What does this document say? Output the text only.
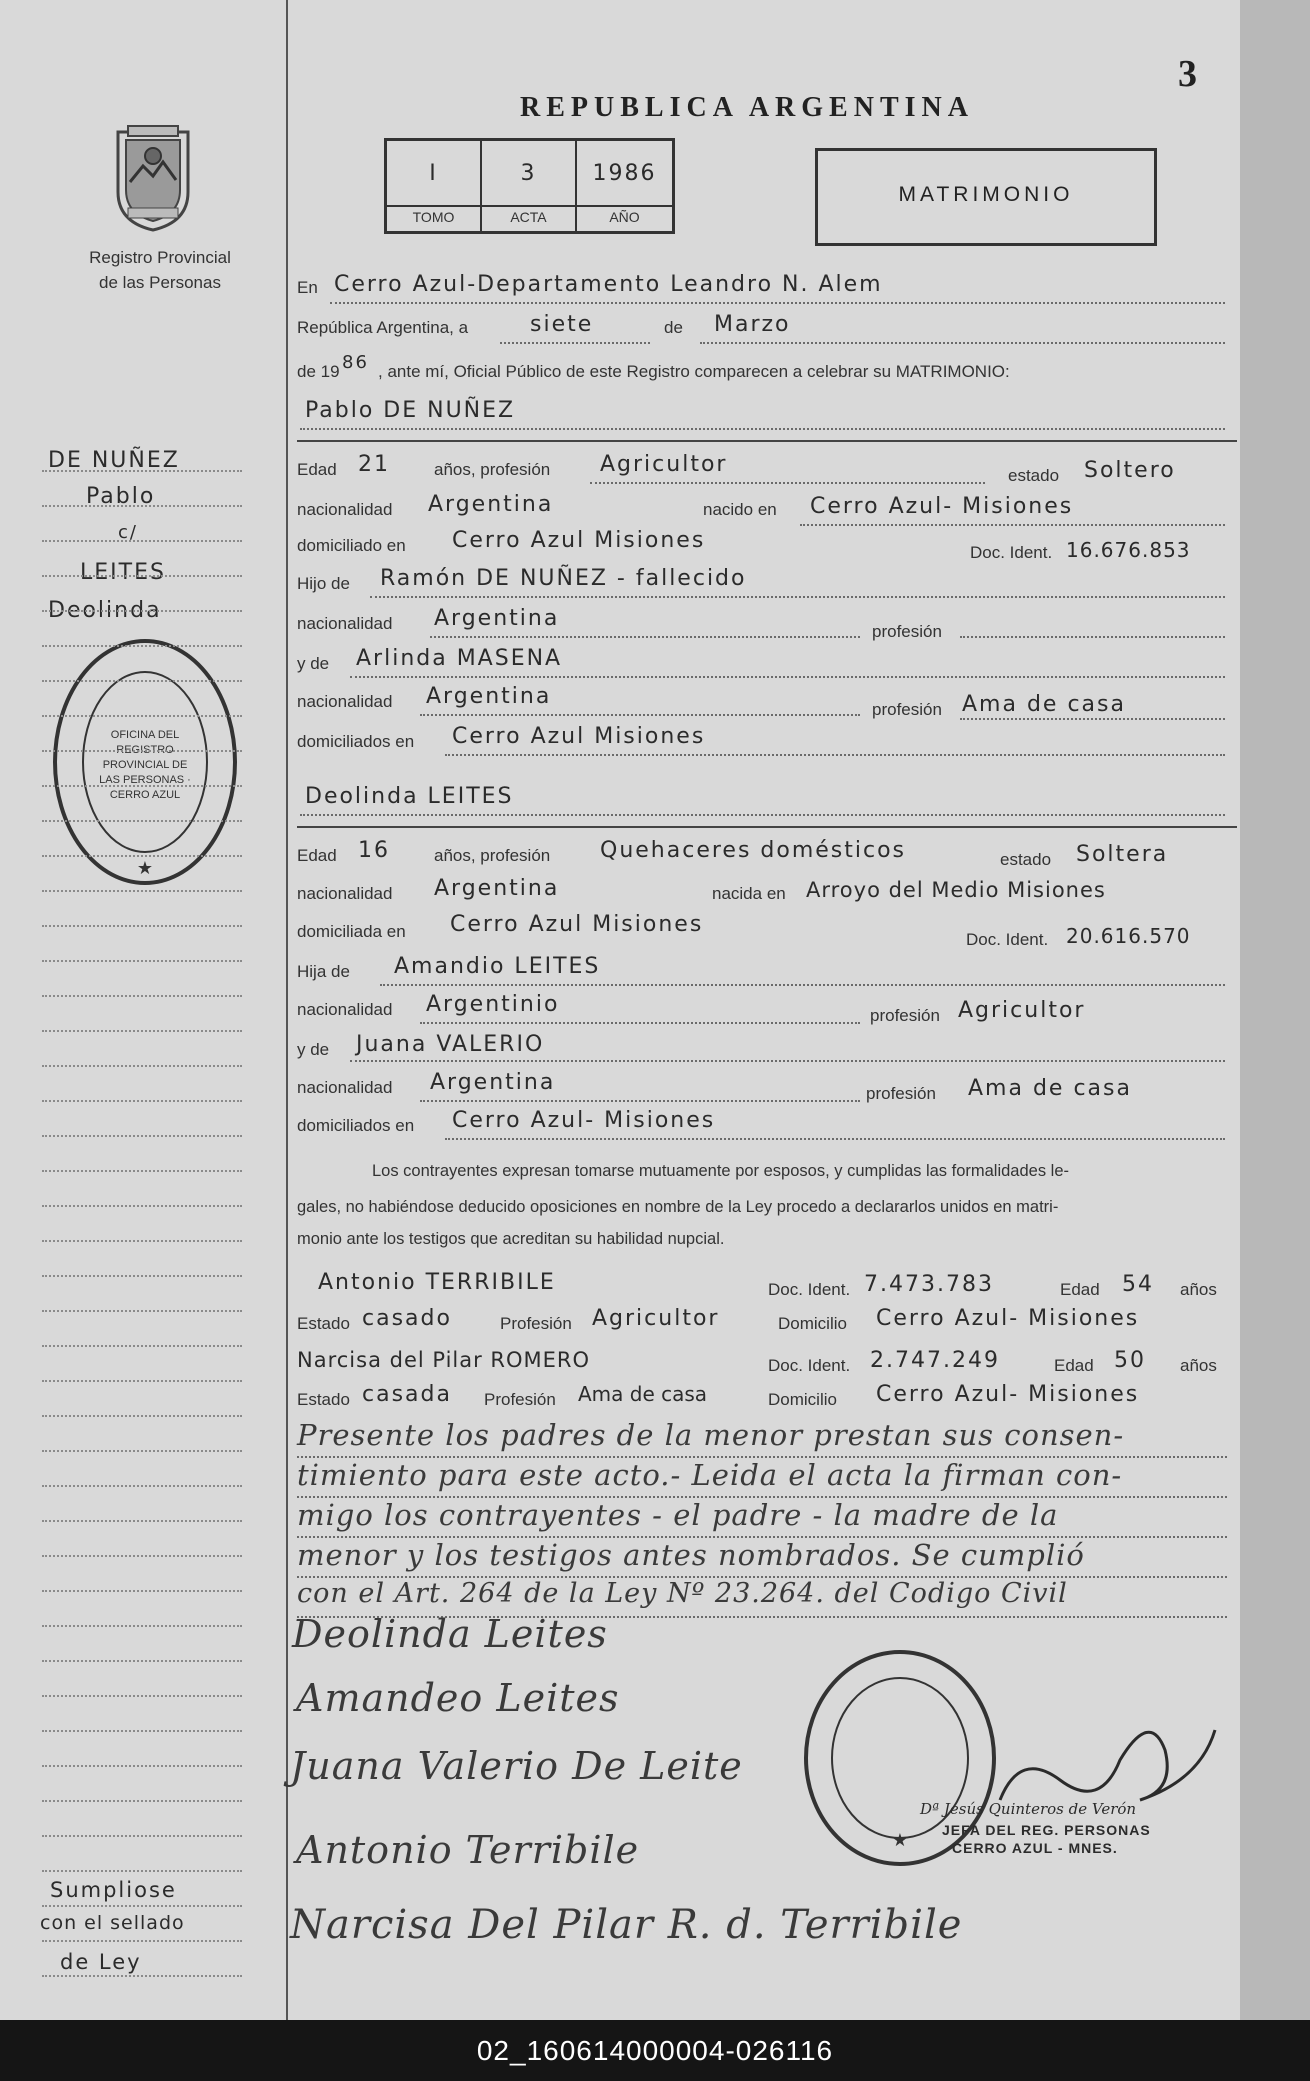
3
REPUBLICA ARGENTINA
Registro Provincial
de las Personas
I
TOMO
3
ACTA
1986
AÑO
MATRIMONIO
En Cerro Azul-Departamento Leandro N. Alem
República Argentina, a	siete	de Marzo
de 19 86 , ante mí, Oficial Público de este Registro comparecen a celebrar su MATRIMONIO:
Pablo DE NUÑEZ
Edad 21	años, profesión Agricultor	estado Soltero
nacionalidad Argentina	nacido en Cerro Azul- Misiones
domiciliado en Cerro Azul Misiones	Doc. Ident. 16.676.853
Hijo de Ramón DE NUÑEZ - fallecido
nacionalidad Argentina
profesión
y de Arlinda MASENA
nacionalidad Argentina
profesión Ama de casa
domiciliados en Cerro Azul Misiones
Deolinda LEITES
Edad 16	años, profesión Quehaceres domésticos	estado Soltera
nacionalidad Argentina	nacida en Arroyo del Medio Misiones
domiciliada en Cerro Azul Misiones
Doc. Ident. 20.616.570
Hija de Amandio LEITES
nacionalidad Argentinio	profesión Agricultor
y de Juana VALERIO
nacionalidad Argentina	profesión Ama de casa
domiciliados en Cerro Azul- Misiones
Los contrayentes expresan tomarse mutuamente por esposos, y cumplidas las formalidades le-
gales, no habiéndose deducido oposiciones en nombre de la Ley procedo a declararlos unidos en matri-
monio ante los testigos que acreditan su habilidad nupcial.
Antonio TERRIBILE	Doc. Ident. 7.473.783	Edad 54 años
Estado casado	Profesión Agricultor	Domicilio Cerro Azul- Misiones
Narcisa del Pilar ROMERO	Doc. Ident. 2.747.249	Edad 50 años
Estado casada Profesión Ama de casa	Domicilio Cerro Azul- Misiones
Presente los padres de la menor prestan sus consen-
timiento para este acto.- Leida el acta la firman con-
migo los contrayentes - el padre - la madre de la
menor y los testigos antes nombrados. Se cumplió
con el Art. 264 de la Ley Nº 23.264. del Codigo Civil
Deolinda Leites
Amandeo Leites
Juana Valerio De Leite
Antonio Terribile
Narcisa Del Pilar R. d. Terribile
★
Dª Jesús Quinteros de Verón
JEFA DEL REG. PERSONAS
CERRO AZUL - MNES.
DE NUÑEZ
Pablo
c/
LEITES
Deolinda
★
OFICINA DEL REGISTRO PROVINCIAL DE LAS PERSONAS · CERRO AZUL
Sumpliose
con el sellado
de Ley
02_160614000004-026116
